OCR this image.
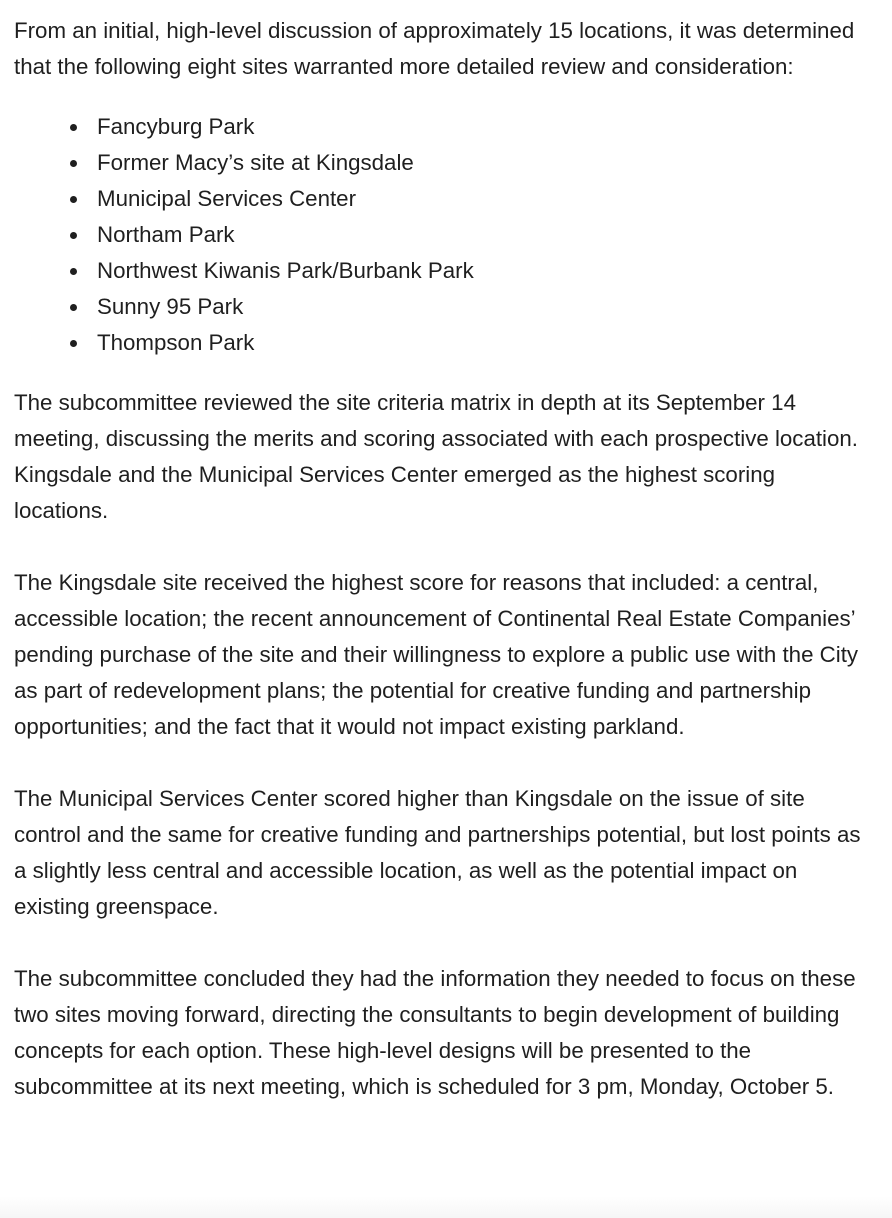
From an initial, high-level discussion of approximately 15 locations, it was determined that the following eight sites warranted more detailed review and consideration:

Fancyburg Park
Former Macy’s site at Kingsdale
Municipal Services Center
Northam Park
Northwest Kiwanis Park/Burbank Park
Sunny 95 Park
Thompson Park

The subcommittee reviewed the site criteria matrix in depth at its September 14 meeting, discussing the merits and scoring associated with each prospective location. Kingsdale and the Municipal Services Center emerged as the highest scoring locations.

The Kingsdale site received the highest score for reasons that included: a central, accessible location; the recent announcement of Continental Real Estate Companies’ pending purchase of the site and their willingness to explore a public use with the City as part of redevelopment plans; the potential for creative funding and partnership opportunities; and the fact that it would not impact existing parkland.

The Municipal Services Center scored higher than Kingsdale on the issue of site control and the same for creative funding and partnerships potential, but lost points as a slightly less central and accessible location, as well as the potential impact on existing greenspace.

The subcommittee concluded they had the information they needed to focus on these two sites moving forward, directing the consultants to begin development of building concepts for each option. These high-level designs will be presented to the subcommittee at its next meeting, which is scheduled for 3 pm, Monday, October 5.
